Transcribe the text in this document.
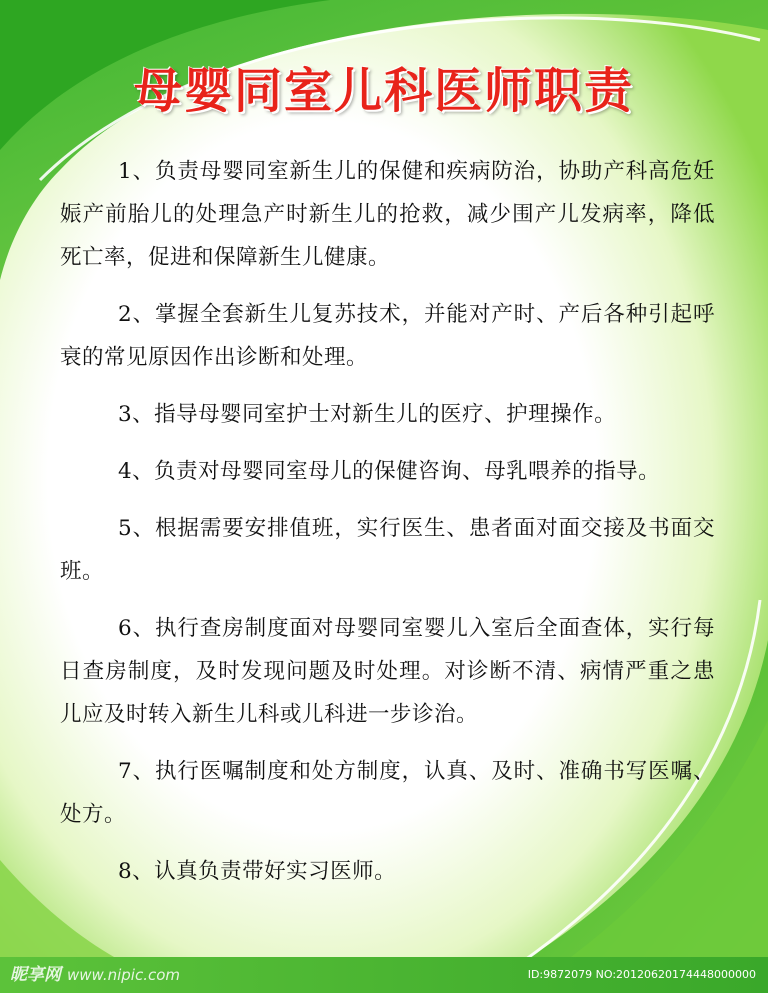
母婴同室儿科医师职责

1、负责母婴同室新生儿的保健和疾病防治，协助产科高危妊娠产前胎儿的处理急产时新生儿的抢救，减少围产儿发病率，降低死亡率，促进和保障新生儿健康。

2、掌握全套新生儿复苏技术，并能对产时、产后各种引起呼衰的常见原因作出诊断和处理。

3、指导母婴同室护士对新生儿的医疗、护理操作。

4、负责对母婴同室母儿的保健咨询、母乳喂养的指导。

5、根据需要安排值班，实行医生、患者面对面交接及书面交班。

6、执行查房制度面对母婴同室婴儿入室后全面查体，实行每日查房制度，及时发现问题及时处理。对诊断不清、病情严重之患儿应及时转入新生儿科或儿科进一步诊治。

7、执行医嘱制度和处方制度，认真、及时、准确书写医嘱、处方。

8、认真负责带好实习医师。

昵享网 www.nipic.com	ID:9872079 NO:20120620174448000000
